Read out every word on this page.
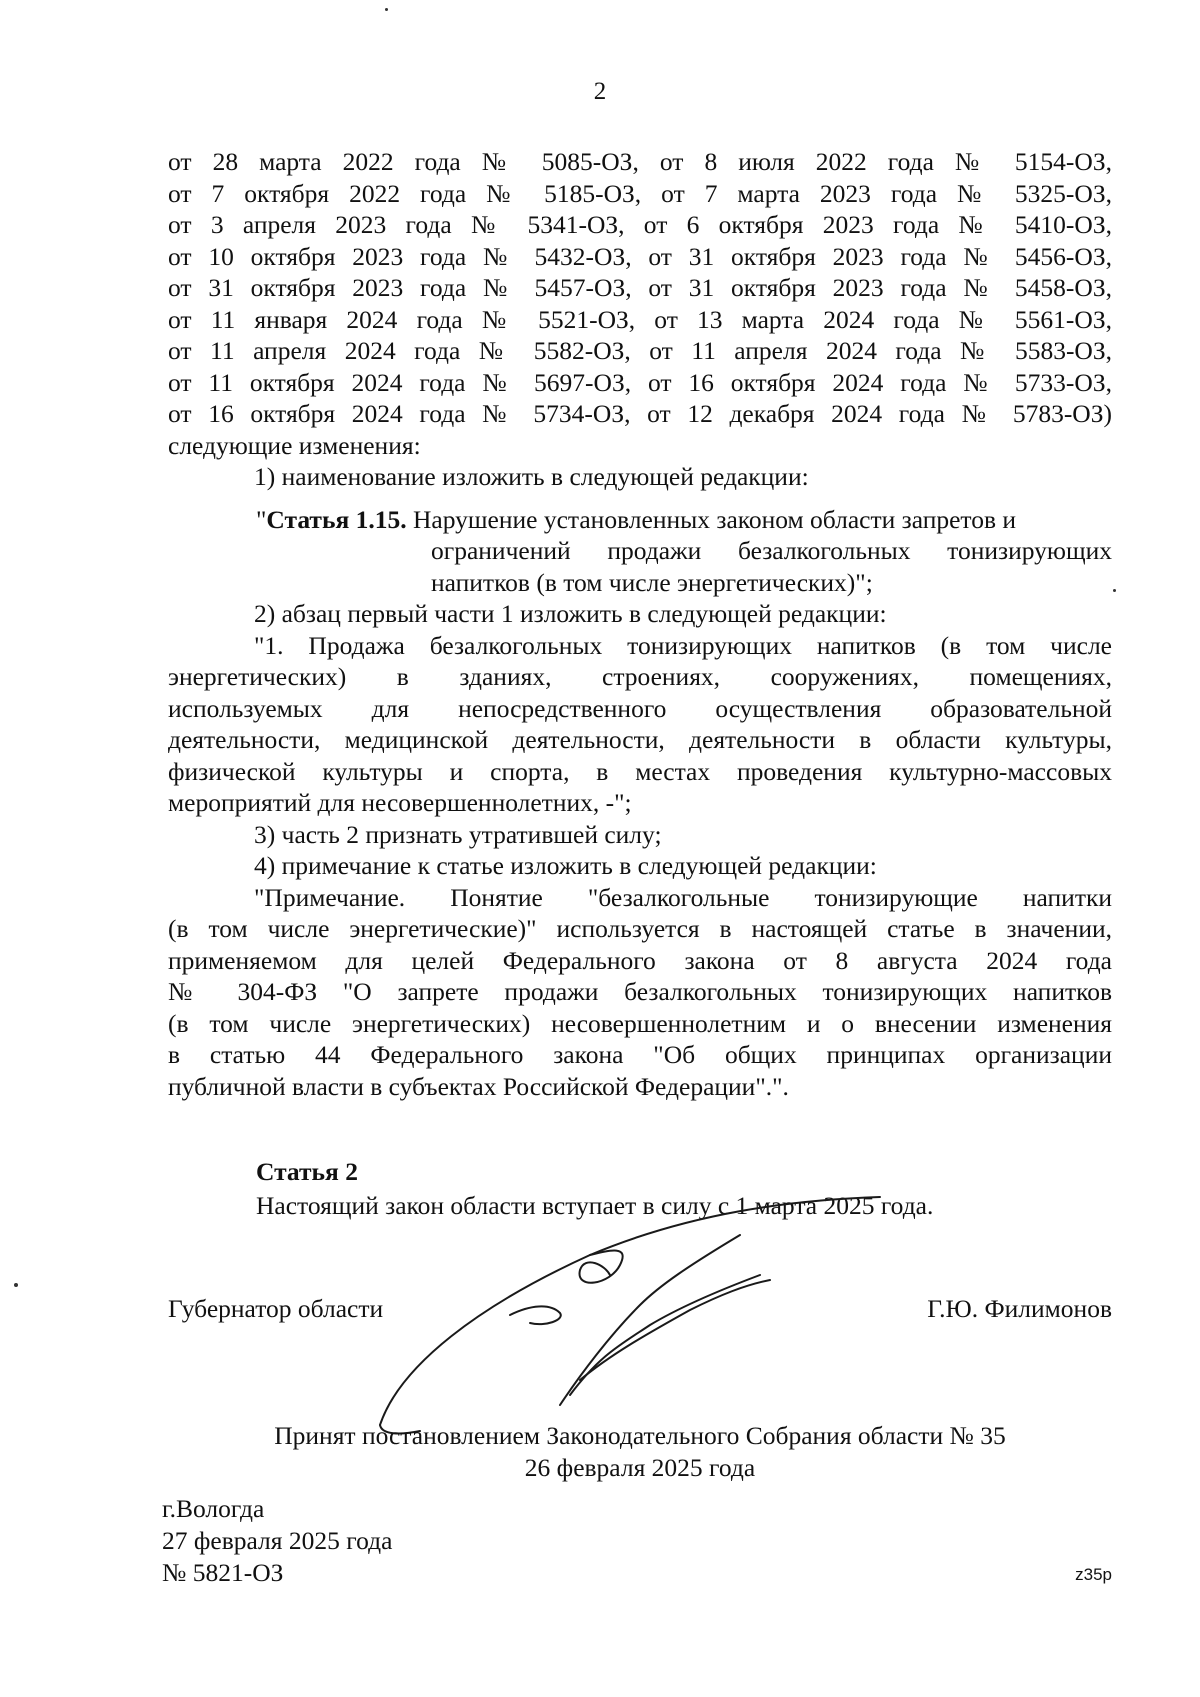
2
от 28 марта 2022 года № 5085-ОЗ, от 8 июля 2022 года № 5154-ОЗ,
от 7 октября 2022 года № 5185-ОЗ, от 7 марта 2023 года № 5325-ОЗ,
от 3 апреля 2023 года № 5341-ОЗ, от 6 октября 2023 года № 5410-ОЗ,
от 10 октября 2023 года № 5432-ОЗ, от 31 октября 2023 года № 5456-ОЗ,
от 31 октября 2023 года № 5457-ОЗ, от 31 октября 2023 года № 5458-ОЗ,
от 11 января 2024 года № 5521-ОЗ, от 13 марта 2024 года № 5561-ОЗ,
от 11 апреля 2024 года № 5582-ОЗ, от 11 апреля 2024 года № 5583-ОЗ,
от 11 октября 2024 года № 5697-ОЗ, от 16 октября 2024 года № 5733-ОЗ,
от 16 октября 2024 года № 5734-ОЗ, от 12 декабря 2024 года № 5783-ОЗ)
следующие изменения:
1) наименование изложить в следующей редакции:
"Статья 1.15. Нарушение установленных законом области запретов и
ограничений продажи безалкогольных тонизирующих
напитков (в том числе энергетических)";
2) абзац первый части 1 изложить в следующей редакции:
"1. Продажа безалкогольных тонизирующих напитков (в том числе
энергетических) в зданиях, строениях, сооружениях, помещениях,
используемых для непосредственного осуществления образовательной
деятельности, медицинской деятельности, деятельности в области культуры,
физической культуры и спорта, в местах проведения культурно-массовых
мероприятий для несовершеннолетних, -";
3) часть 2 признать утратившей силу;
4) примечание к статье изложить в следующей редакции:
"Примечание. Понятие "безалкогольные тонизирующие напитки
(в том числе энергетические)" используется в настоящей статье в значении,
применяемом для целей Федерального закона от 8 августа 2024 года
№ 304-ФЗ "О запрете продажи безалкогольных тонизирующих напитков
(в том числе энергетических) несовершеннолетним и о внесении изменения
в статью 44 Федерального закона "Об общих принципах организации
публичной власти в субъектах Российской Федерации".".
Статья 2
Настоящий закон области вступает в силу с 1 марта 2025 года.
Губернатор области	Г.Ю. Филимонов
Принят постановлением Законодательного Собрания области № 35
26 февраля 2025 года
г.Вологда
27 февраля 2025 года
№ 5821-ОЗ	z35p
